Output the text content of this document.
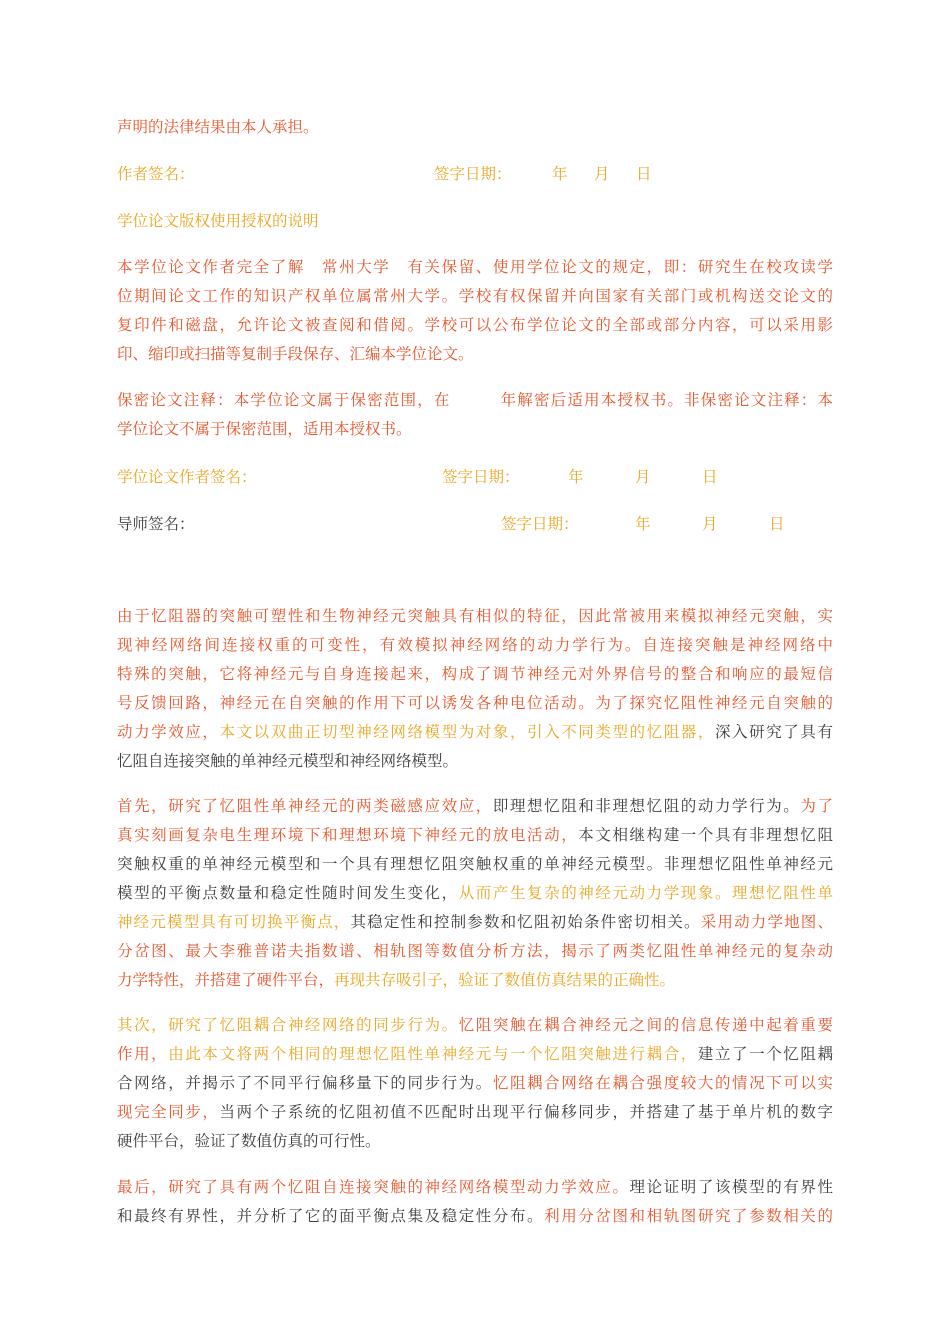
声明的法律结果由本人承担。
作者签名：	签字日期：	年 月 日
学位论文版权使用授权的说明
本学位论文作者完全了解　常州大学　有关保留、使用学位论文的规定，即：研究生在校攻读学
位期间论文工作的知识产权单位属常州大学。学校有权保留并向国家有关部门或机构送交论文的
复印件和磁盘，允许论文被查阅和借阅。学校可以公布学位论文的全部或部分内容，可以采用影
印、缩印或扫描等复制手段保存、汇编本学位论文。
保密论文注释：本学位论文属于保密范围，在　　　年解密后适用本授权书。非保密论文注释：本
学位论文不属于保密范围，适用本授权书。
学位论文作者签名：	签字日期：	年	月	日
导师签名：	签字日期：	年	月	日
由于忆阻器的突触可塑性和生物神经元突触具有相似的特征，因此常被用来模拟神经元突触，实
现神经网络间连接权重的可变性，有效模拟神经网络的动力学行为。自连接突触是神经网络中
特殊的突触，它将神经元与自身连接起来，构成了调节神经元对外界信号的整合和响应的最短信
号反馈回路，神经元在自突触的作用下可以诱发各种电位活动。为了探究忆阻性神经元自突触的
动力学效应，本文以双曲正切型神经网络模型为对象，引入不同类型的忆阻器，深入研究了具有
忆阻自连接突触的单神经元模型和神经网络模型。
首先，研究了忆阻性单神经元的两类磁感应效应，即理想忆阻和非理想忆阻的动力学行为。为了
真实刻画复杂电生理环境下和理想环境下神经元的放电活动，本文相继构建一个具有非理想忆阻
突触权重的单神经元模型和一个具有理想忆阻突触权重的单神经元模型。非理想忆阻性单神经元
模型的平衡点数量和稳定性随时间发生变化，从而产生复杂的神经元动力学现象。理想忆阻性单
神经元模型具有可切换平衡点，其稳定性和控制参数和忆阻初始条件密切相关。采用动力学地图、
分岔图、最大李雅普诺夫指数谱、相轨图等数值分析方法，揭示了两类忆阻性单神经元的复杂动
力学特性，并搭建了硬件平台，再现共存吸引子，验证了数值仿真结果的正确性。
其次，研究了忆阻耦合神经网络的同步行为。忆阻突触在耦合神经元之间的信息传递中起着重要
作用，由此本文将两个相同的理想忆阻性单神经元与一个忆阻突触进行耦合，建立了一个忆阻耦
合网络，并揭示了不同平行偏移量下的同步行为。忆阻耦合网络在耦合强度较大的情况下可以实
现完全同步，当两个子系统的忆阻初值不匹配时出现平行偏移同步，并搭建了基于单片机的数字
硬件平台，验证了数值仿真的可行性。
最后，研究了具有两个忆阻自连接突触的神经网络模型动力学效应。理论证明了该模型的有界性
和最终有界性，并分析了它的面平衡点集及稳定性分布。利用分岔图和相轨图研究了参数相关的
